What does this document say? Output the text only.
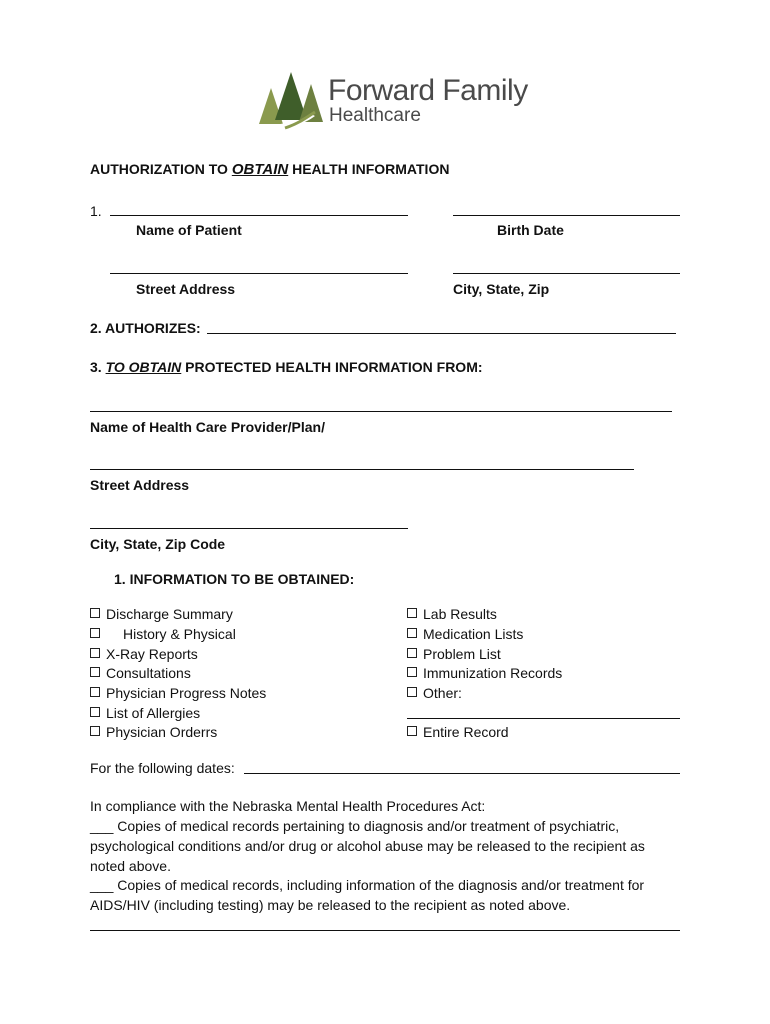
Forward Family
Healthcare
AUTHORIZATION TO OBTAIN HEALTH INFORMATION
1.
Name of Patient	Birth Date
Street Address	City, State, Zip
2. AUTHORIZES:
3. TO OBTAIN PROTECTED HEALTH INFORMATION FROM:
Name of Health Care Provider/Plan/
Street Address
City, State, Zip Code
1. INFORMATION TO BE OBTAINED:
Discharge Summary
History & Physical
X-Ray Reports
Consultations
Physician Progress Notes
List of Allergies
Physician Orderrs
Lab Results
Medication Lists
Problem List
Immunization Records
Other:
Entire Record
For the following dates:
In compliance with the Nebraska Mental Health Procedures Act:
___ Copies of medical records pertaining to diagnosis and/or treatment of psychiatric,
psychological conditions and/or drug or alcohol abuse may be released to the recipient as
noted above.
___ Copies of medical records, including information of the diagnosis and/or treatment for
AIDS/HIV (including testing) may be released to the recipient as noted above.
